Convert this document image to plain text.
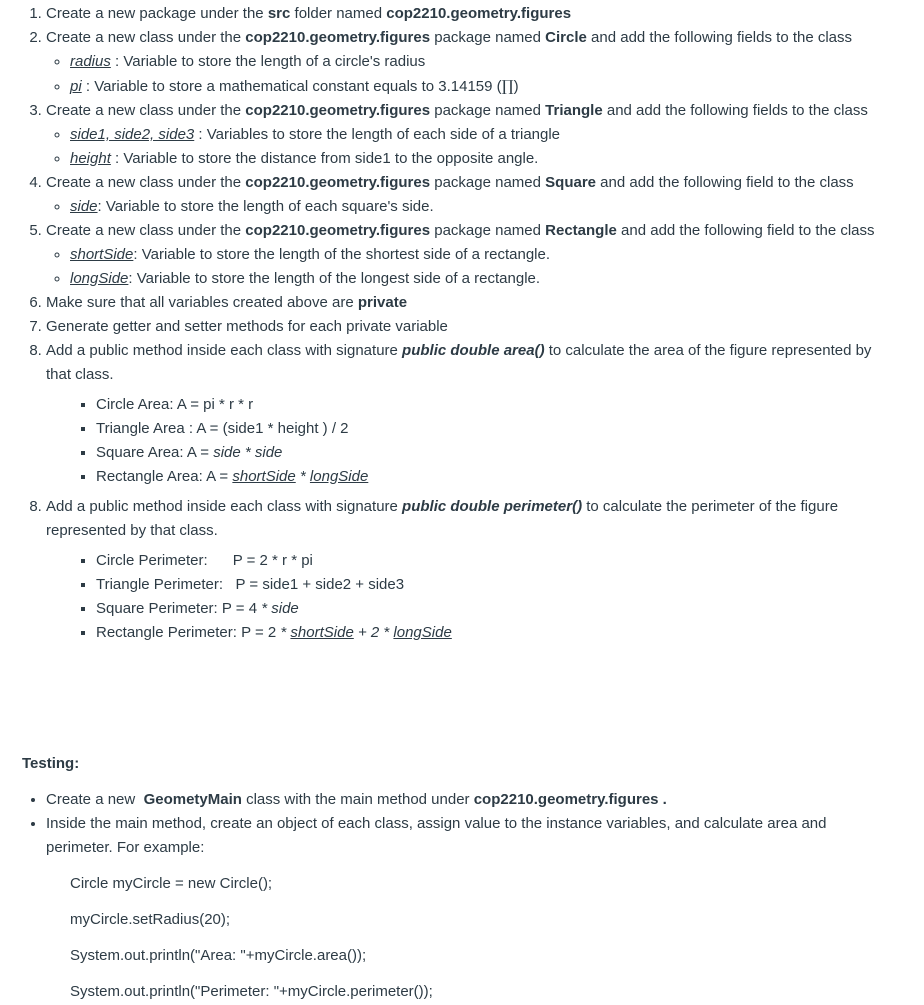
1. Create a new package under the src folder named cop2210.geometry.figures
2. Create a new class under the cop2210.geometry.figures package named Circle and add the following fields to the class
◦ radius : Variable to store the length of a circle's radius
◦ pi : Variable to store a mathematical constant equals to 3.14159 (∏)
3. Create a new class under the cop2210.geometry.figures package named Triangle and add the following fields to the class
◦ side1, side2, side3 : Variables to store the length of each side of a triangle
◦ height : Variable to store the distance from side1 to the opposite angle.
4. Create a new class under the cop2210.geometry.figures package named Square and add the following field to the class
◦ side: Variable to store the length of each square's side.
5. Create a new class under the cop2210.geometry.figures package named Rectangle and add the following field to the class
◦ shortSide: Variable to store the length of the shortest side of a rectangle.
◦ longSide: Variable to store the length of the longest side of a rectangle.
6. Make sure that all variables created above are private
7. Generate getter and setter methods for each private variable
8. Add a public method inside each class with signature public double area() to calculate the area of the figure represented by that class.
▪ Circle Area: A = pi * r * r
▪ Triangle Area : A = (side1 * height ) / 2
▪ Square Area: A = side * side
▪ Rectangle Area: A = shortSide * longSide
8. Add a public method inside each class with signature public double perimeter() to calculate the perimeter of the figure represented by that class.
▪ Circle Perimeter:      P = 2 * r * pi
▪ Triangle Perimeter:   P = side1 + side2 + side3
▪ Square Perimeter: P = 4 * side
▪ Rectangle Perimeter: P = 2 * shortSide + 2 * longSide
Testing:
• Create a new  GeometyMain class with the main method under cop2210.geometry.figures .
• Inside the main method, create an object of each class, assign value to the instance variables, and calculate area and perimeter. For example:
Circle myCircle = new Circle();
myCircle.setRadius(20);
System.out.println("Area: "+myCircle.area());
System.out.println("Perimeter: "+myCircle.perimeter());
